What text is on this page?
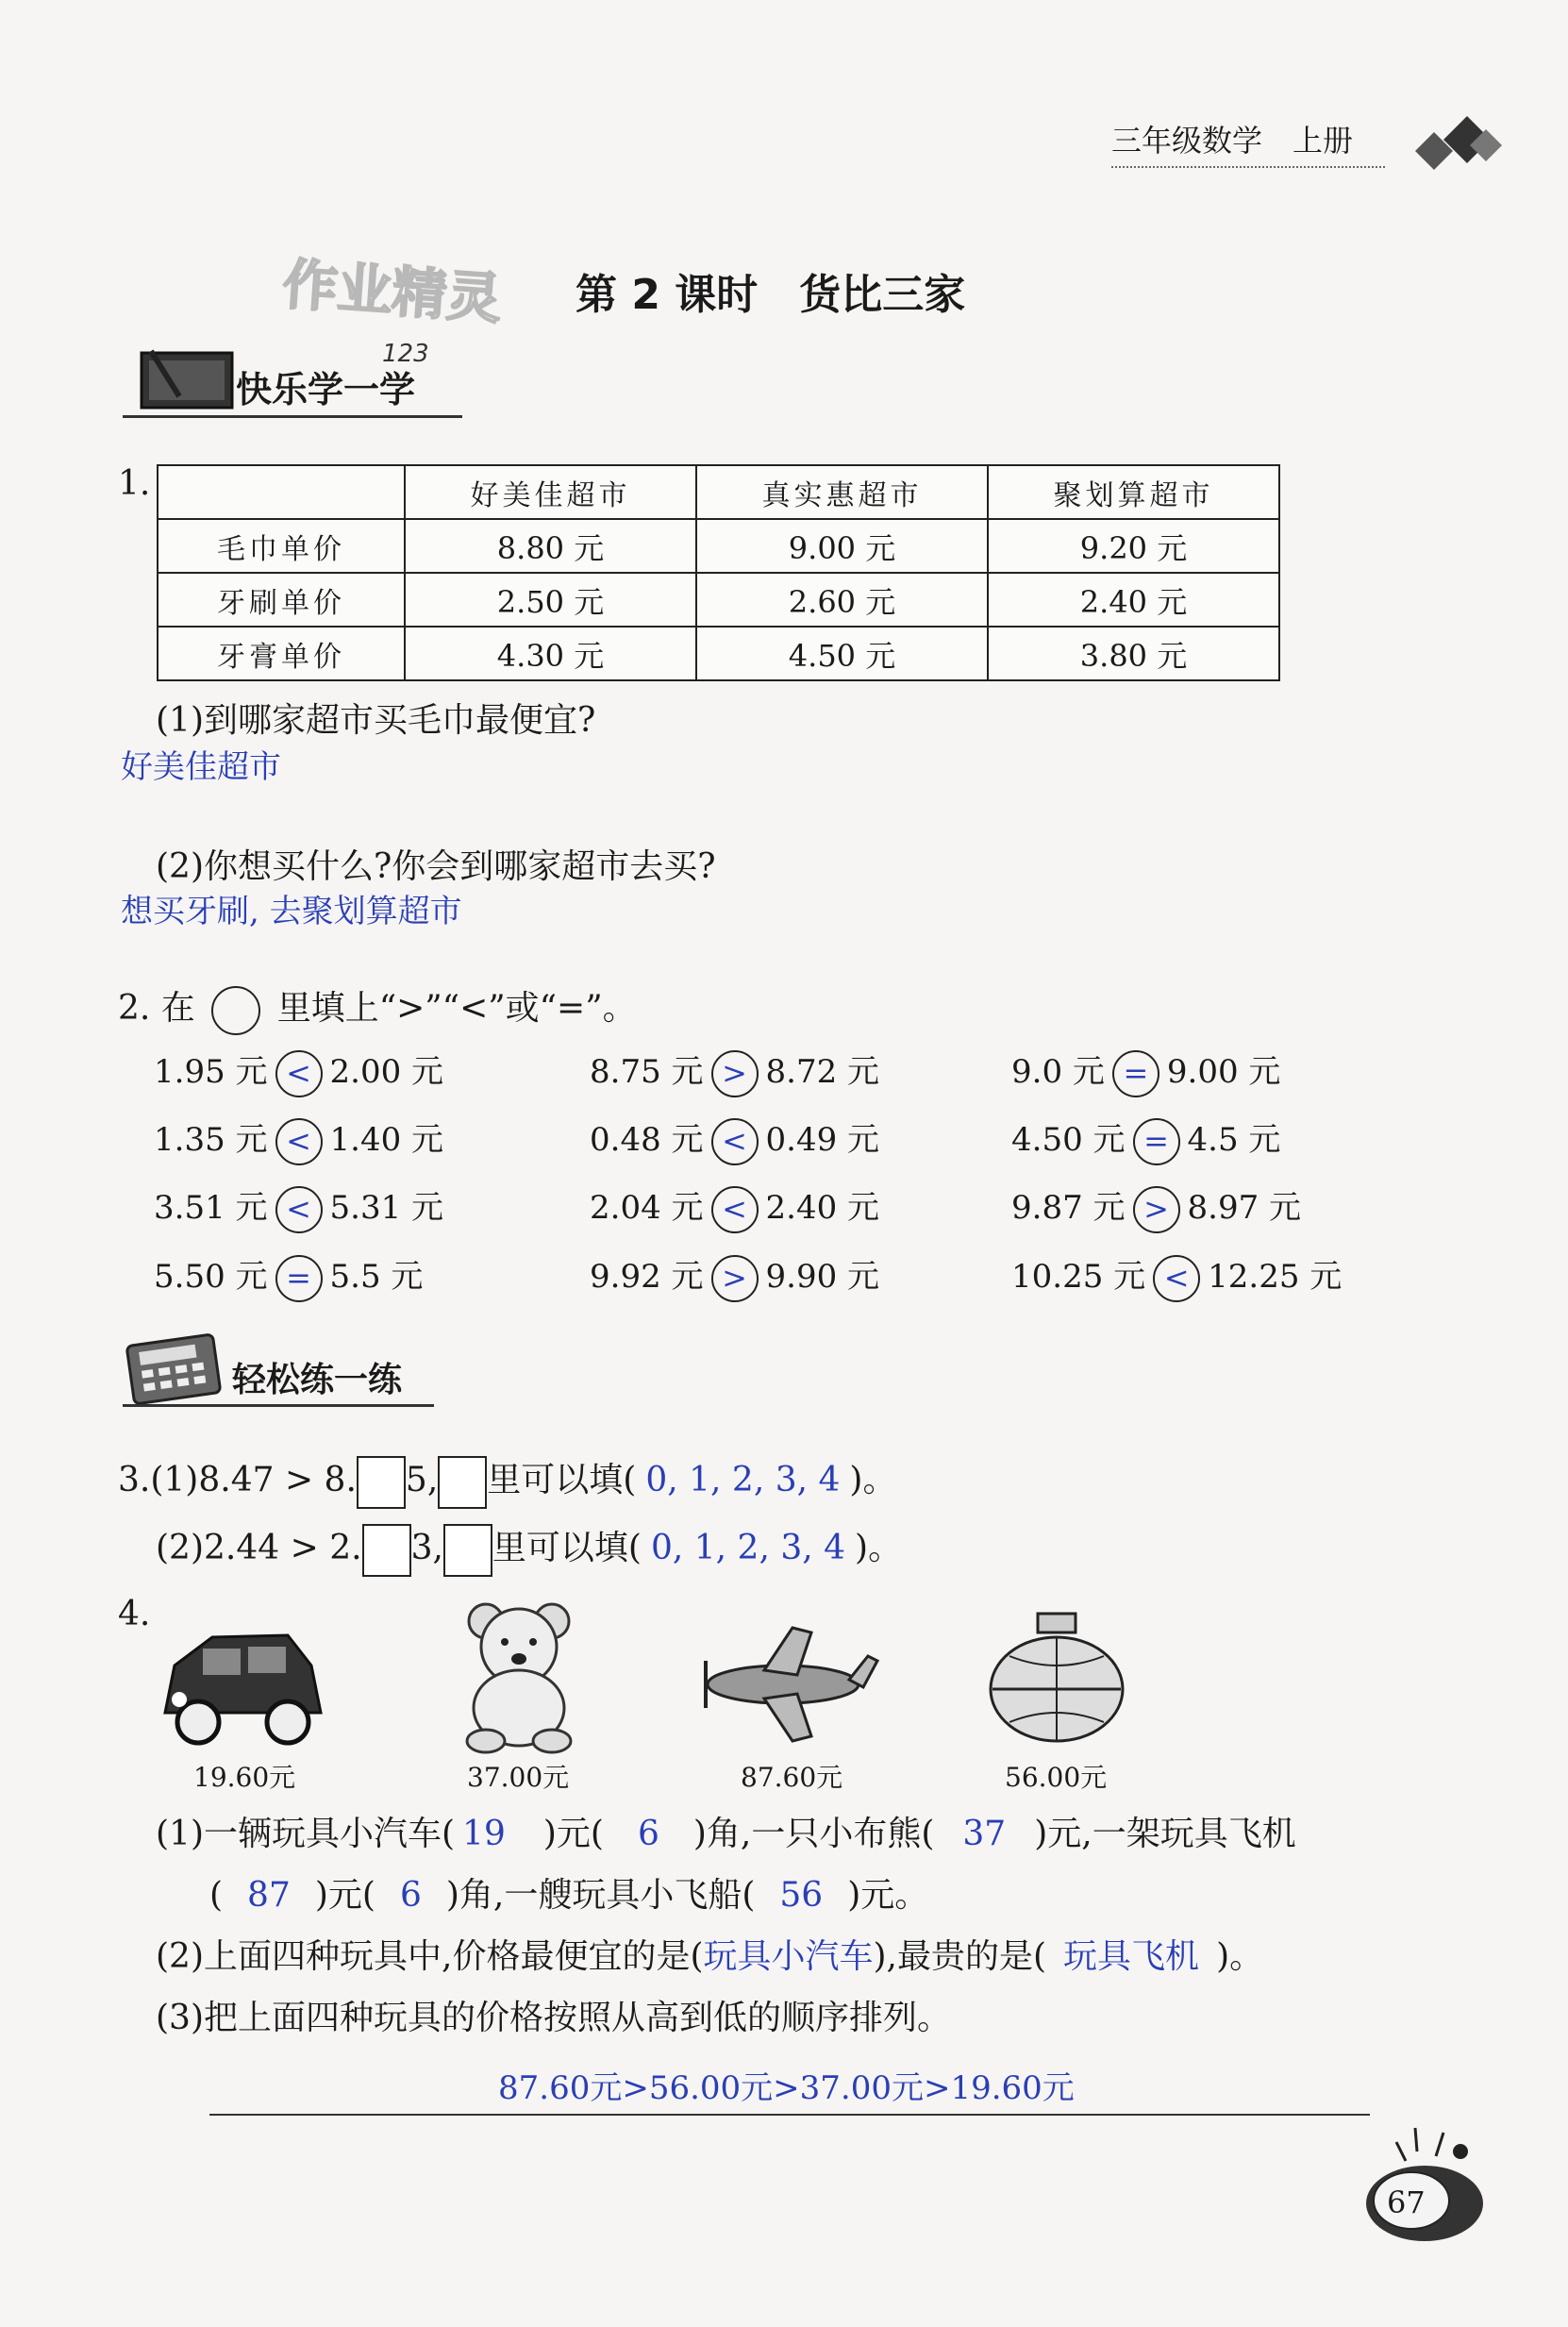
三年级数学　上册
作业精灵 第 2 课时　货比三家
快乐学一学
123
1.
		好美佳超市	真实惠超市	聚划算超市
毛巾单价	8.80 元	9.00 元	9.20 元
牙刷单价	2.50 元	2.60 元	2.40 元
牙膏单价	4.30 元	4.50 元	3.80 元
(1)到哪家超市买毛巾最便宜?
好美佳超市
(2)你想买什么?你会到哪家超市去买?
想买牙刷, 去聚划算超市
2. 在 里填上“>”“<”或“=”。
1.95 元 < 2.00 元	8.75 元 > 8.72 元	9.0 元 = 9.00 元
1.35 元 < 1.40 元	0.48 元 < 0.49 元	4.50 元 = 4.5 元
3.51 元 < 5.31 元	2.04 元 < 2.40 元	9.87 元 > 8.97 元
5.50 元 = 5.5 元	9.92 元 > 9.90 元	10.25 元 < 12.25 元
轻松练一练
3.(1)8.47 > 8. 5, 里可以填( 0, 1, 2, 3, 4 )。
(2)2.44 > 2. 3, 里可以填( 0, 1, 2, 3, 4 )。
4.
19.60元	37.00元	87.60元	56.00元
(1)一辆玩具小汽车( 19 )元( 6 )角,一只小布熊( 37 )元,一架玩具飞机
( 87 )元( 6 )角,一艘玩具小飞船( 56 )元。
(2)上面四种玩具中,价格最便宜的是(玩具小汽车),最贵的是( 玩具飞机 )。
(3)把上面四种玩具的价格按照从高到低的顺序排列。
87.60元>56.00元>37.00元>19.60元
67
